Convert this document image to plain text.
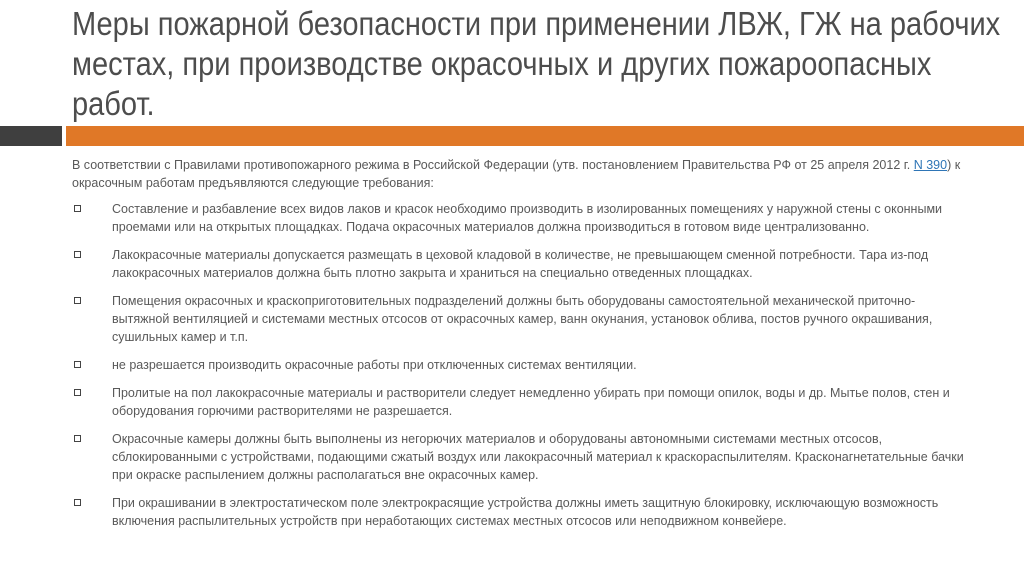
Меры пожарной безопасности при применении ЛВЖ, ГЖ на рабочих
местах, при производстве окрасочных и других пожароопасных
работ.

В соответствии с Правилами противопожарного режима в Российской Федерации (утв. постановлением Правительства РФ от 25 апреля 2012 г. N 390) к окрасочным работам предъявляются следующие требования:

Составление и разбавление всех видов лаков и красок необходимо производить в изолированных помещениях у наружной стены с оконными проемами или на открытых площадках. Подача окрасочных материалов должна производиться в готовом виде централизованно.
Лакокрасочные материалы допускается размещать в цеховой кладовой в количестве, не превышающем сменной потребности. Тара из-под лакокрасочных материалов должна быть плотно закрыта и храниться на специально отведенных площадках.
Помещения окрасочных и краскоприготовительных подразделений должны быть оборудованы самостоятельной механической приточно-вытяжной вентиляцией и системами местных отсосов от окрасочных камер, ванн окунания, установок облива, постов ручного окрашивания, сушильных камер и т.п.
не разрешается производить окрасочные работы при отключенных системах вентиляции.
Пролитые на пол лакокрасочные материалы и растворители следует немедленно убирать при помощи опилок, воды и др. Мытье полов, стен и оборудования горючими растворителями не разрешается.
Окрасочные камеры должны быть выполнены из негорючих материалов и оборудованы автономными системами местных отсосов, сблокированными с устройствами, подающими сжатый воздух или лакокрасочный материал к краскораспылителям. Красконагнетательные бачки при окраске распылением должны располагаться вне окрасочных камер.
При окрашивании в электростатическом поле электрокрасящие устройства должны иметь защитную блокировку, исключающую возможность включения распылительных устройств при неработающих системах местных отсосов или неподвижном конвейере.
